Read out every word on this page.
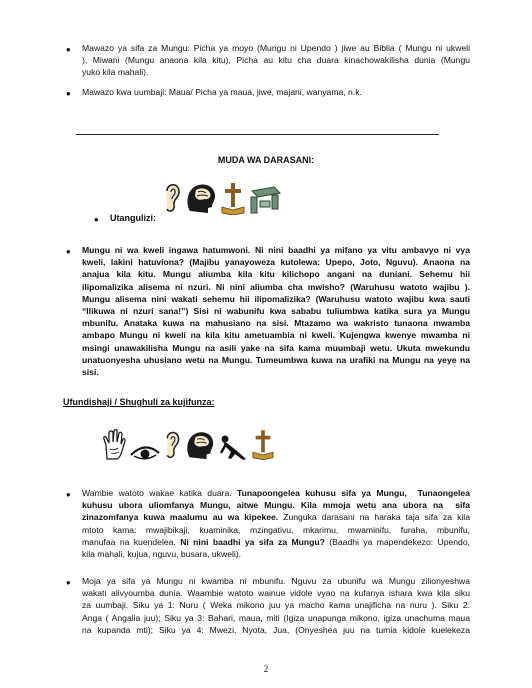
• Mawazo ya sifa za Mungu: Picha ya moyo (Mungu ni Upendo ) jiwe au Biblia ( Mungu ni ukweli
), Miwani (Mungu anaona kila kitu), Picha au kitu cha duara kinachowakilisha dunia (Mungu
yuko kila mahali).
• Mawazo kwa uumbaji: Maua/ Picha ya maua, jiwe, majani, wanyama, n.k.
MUDA WA DARASANI:
• Utangulizi:
• Mungu ni wa kweli ingawa hatumwoni. Ni nini baadhi ya mifano ya vitu ambavyo ni vya
kweli, lakini hatuviona? (Majibu yanayoweza kutolewa: Upepo, Joto, Nguvu). Anaona na
anajua kila kitu. Mungu aliumba kila kitu kilichopo angani na duniani. Sehemu hii
ilipomalizika alisema ni nzuri. Ni nini aliumba cha mwisho? (Waruhusu watoto wajibu ).
Mungu alisema nini wakati sehemu hii ilipomalizika? (Waruhusu watoto wajibu kwa sauti
“Ilikuwa ni nzuri sana!”) Sisi ni wabunifu kwa sababu tuliumbwa katika sura ya Mungu
mbunifu. Anataka kuwa na mahusiano na sisi. Mtazamo wa wakristo tunaona mwamba
ambapo Mungu ni kweli na kila kitu ametuambia ni kweli. Kujengwa kwenye mwamba ni
msingi unawakilisha Mungu na asili yake na sifa kama muumbaji wetu. Ukuta mwekundu
unatuonyesha uhusiano wetu na Mungu. Tumeumbwa kuwa na urafiki na Mungu na yeye na
sisi.
Ufundishaji / Shughuli za kujifunza:
• Wambie watoto wakae katika duara. Tunapoongelea kuhusu sifa ya Mungu,  Tunaongelea
kuhusu ubora uliomfanya Mungu, aitwe Mungu. Kila mmoja wetu ana ubora na  sifa
zinazomfanya kuwa maalumu au wa kipekee. Zunguka darasani na haraka taja sifa za kila
mtoto kama: mwajibikaji, kuaminika, mzingativu, mkarimu, mwaminifu, furaha, mbunifu,
manufaa na kuendelea. Ni nini baadhi ya sifa za Mungu? (Baadhi ya mapendekezo: Upendo,
kila mahali, kujua, nguvu, busara, ukweli).
• Moja ya sifa ya Mungu ni kwamba ni mbunifu. Nguvu za ubunifu wa Mungu zilionyeshwa
wakati alivyoumba dunia. Waambie watoto wainue vidole vyao na kufanya ishara kwa kila siku
za uumbaji. Siku ya 1: Nuru ( Weka mikono juu ya macho kama unajificha na nuru ). Siku 2:
Anga ( Angalia juu); Siku ya 3: Bahari, maua, miti (Igiza unapunga mikono, igiza unachuma maua
na kupanda mti); Siku ya 4: Mwezi, Nyota, Jua, (Onyeshea juu na tumia kidole kuelekeza
2
